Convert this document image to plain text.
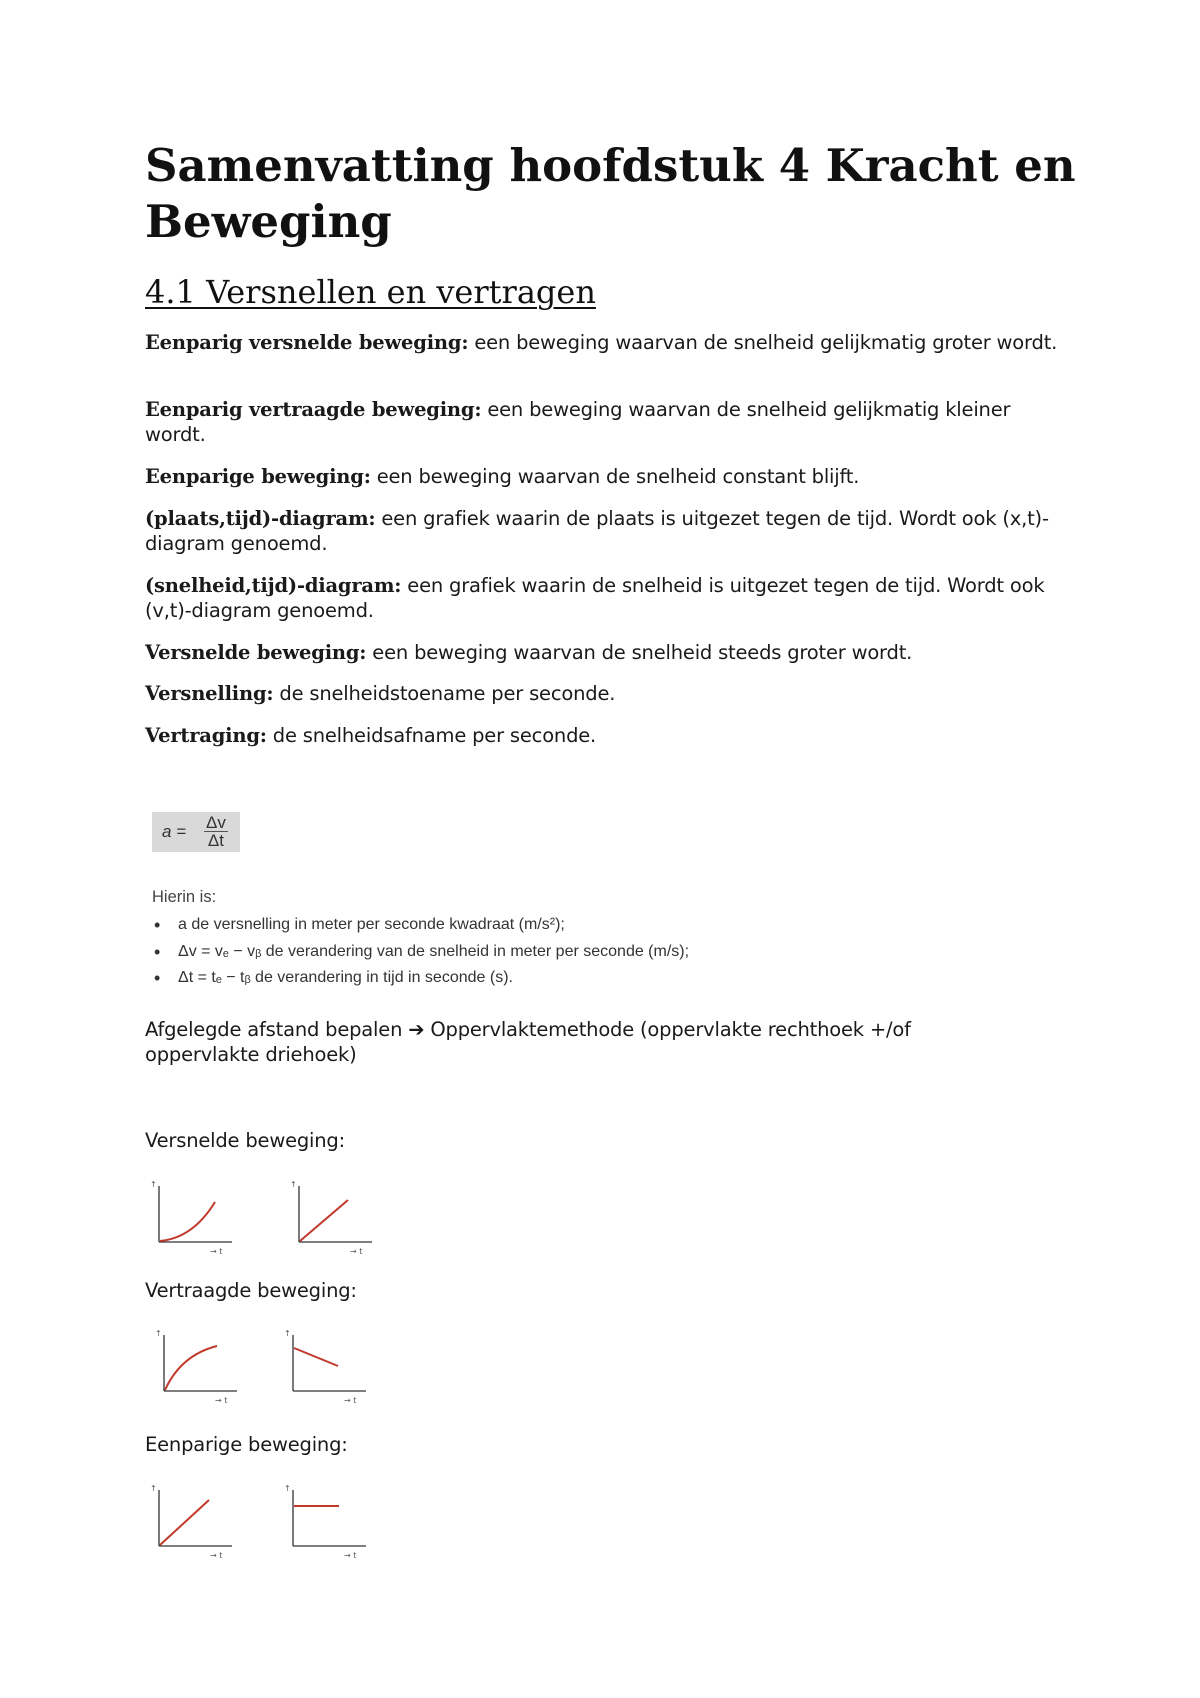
Samenvatting hoofdstuk 4 Kracht en Beweging
4.1 Versnellen en vertragen

Eenparig versnelde beweging: een beweging waarvan de snelheid gelijkmatig groter wordt.

Eenparig vertraagde beweging: een beweging waarvan de snelheid gelijkmatig kleiner wordt.

Eenparige beweging: een beweging waarvan de snelheid constant blijft.

(plaats,tijd)-diagram: een grafiek waarin de plaats is uitgezet tegen de tijd. Wordt ook (x,t)-diagram genoemd.

(snelheid,tijd)-diagram: een grafiek waarin de snelheid is uitgezet tegen de tijd. Wordt ook (v,t)-diagram genoemd.

Versnelde beweging: een beweging waarvan de snelheid steeds groter wordt.

Versnelling: de snelheidstoename per seconde.

Vertraging: de snelheidsafname per seconde.

$a = \frac{\Delta v}{\Delta t}$
Hierin is:
• a de versnelling in meter per seconde kwadraat (m/s²);
• Δv = vₑ − vᵦ de verandering van de snelheid in meter per seconde (m/s);
• Δt = tₑ − tᵦ de verandering in tijd in seconde (s).

Afgelegde afstand bepalen ➔ Oppervlaktemethode (oppervlakte rechthoek +/of oppervlakte driehoek)

Versnelde beweging:

↑
→ t
↑
→ t

Vertraagde beweging:

↑
→ t
↑
→ t

Eenparige beweging:

↑
→ t
↑
→ t
